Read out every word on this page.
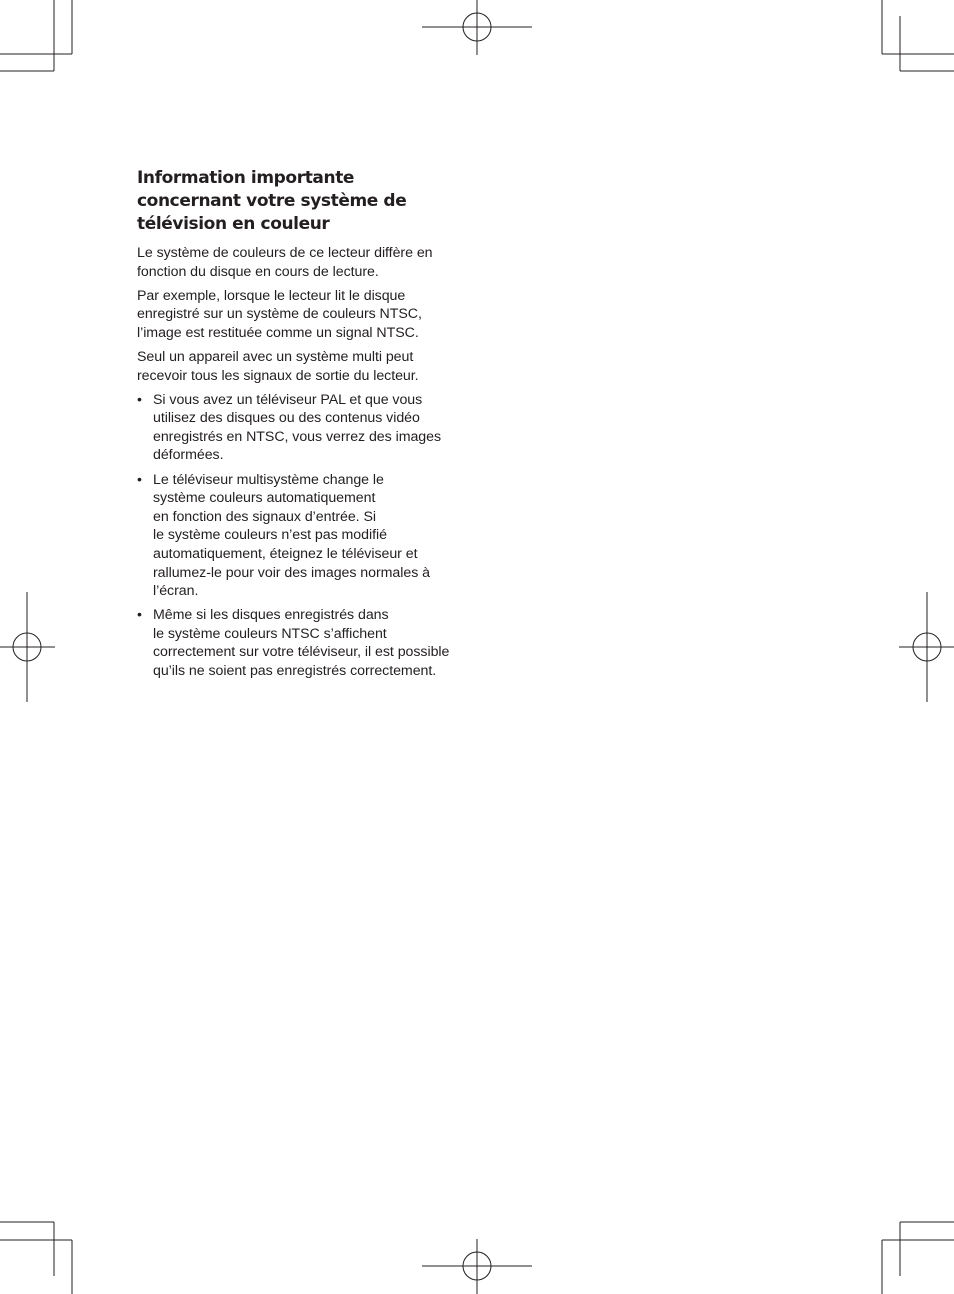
Information importante concernant votre système de télévision en couleur

Le système de couleurs de ce lecteur diffère en fonction du disque en cours de lecture.

Par exemple, lorsque le lecteur lit le disque enregistré sur un système de couleurs NTSC, l’image est restituée comme un signal NTSC.

Seul un appareil avec un système multi peut recevoir tous les signaux de sortie du lecteur.

• Si vous avez un téléviseur PAL et que vous utilisez des disques ou des contenus vidéo enregistrés en NTSC, vous verrez des images déformées.
• Le téléviseur multisystème change le
système couleurs automatiquement
en fonction des signaux d’entrée. Si
le système couleurs n’est pas modifié automatiquement, éteignez le téléviseur et rallumez-le pour voir des images normales à l’écran.
• Même si les disques enregistrés dans
le système couleurs NTSC s’affichent correctement sur votre téléviseur, il est possible qu’ils ne soient pas enregistrés correctement.
